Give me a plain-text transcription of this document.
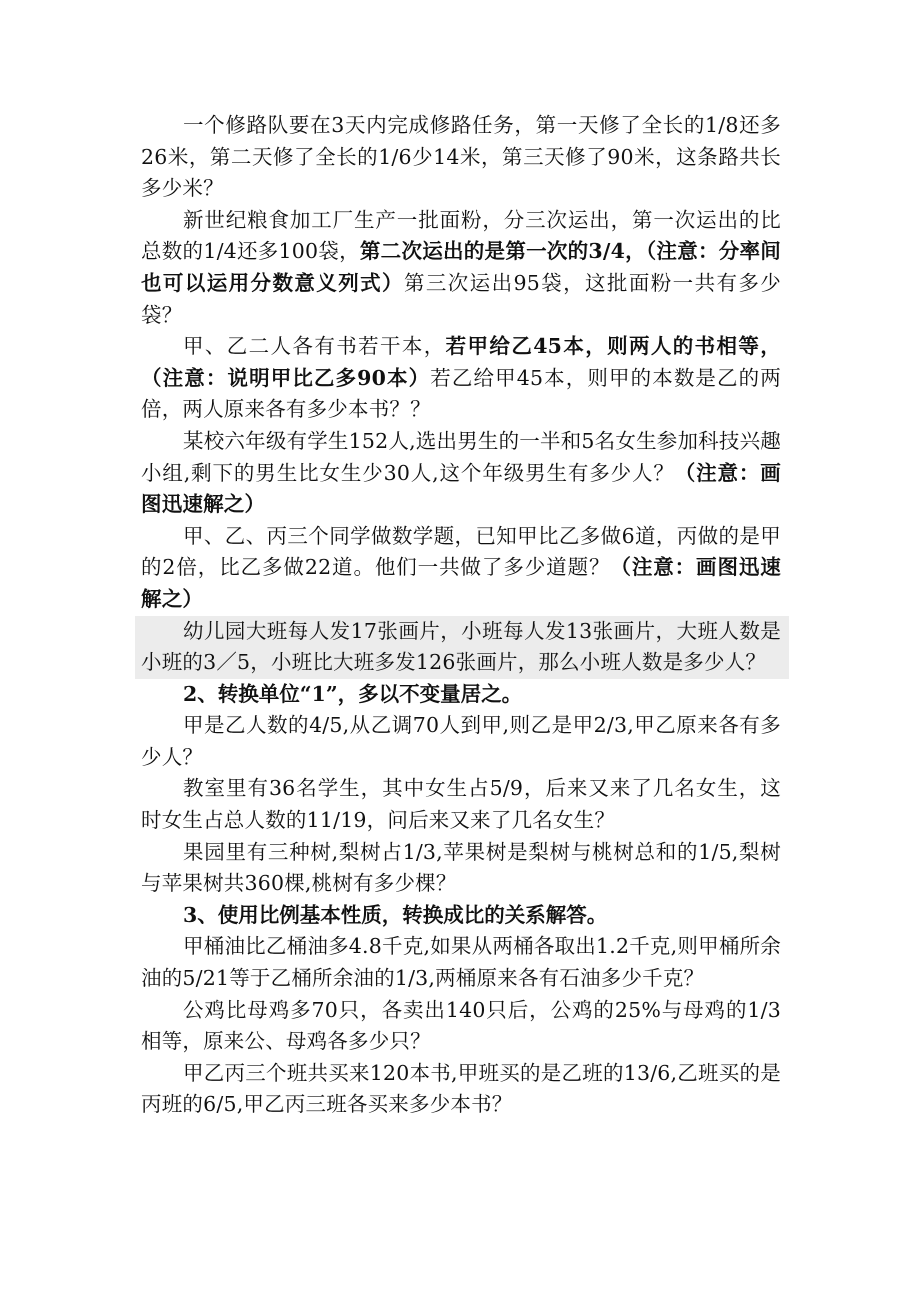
一个修路队要在3天内完成修路任务，第一天修了全长的1/8还多26米，第二天修了全长的1/6少14米，第三天修了90米，这条路共长多少米？

新世纪粮食加工厂生产一批面粉，分三次运出，第一次运出的比总数的1/4还多100袋，第二次运出的是第一次的3/4，（注意：分率间也可以运用分数意义列式）第三次运出95袋，这批面粉一共有多少袋？

甲、乙二人各有书若干本，若甲给乙45本，则两人的书相等，（注意：说明甲比乙多90本）若乙给甲45本，则甲的本数是乙的两倍，两人原来各有多少本书？？

某校六年级有学生152人,选出男生的一半和5名女生参加科技兴趣小组,剩下的男生比女生少30人,这个年级男生有多少人？（注意：画图迅速解之）

甲、乙、丙三个同学做数学题，已知甲比乙多做6道，丙做的是甲的2倍，比乙多做22道。他们一共做了多少道题？（注意：画图迅速解之）

幼儿园大班每人发17张画片，小班每人发13张画片，大班人数是小班的3／5，小班比大班多发126张画片，那么小班人数是多少人？

2、转换单位“1”，多以不变量居之。

甲是乙人数的4/5,从乙调70人到甲,则乙是甲2/3,甲乙原来各有多少人？

教室里有36名学生，其中女生占5/9，后来又来了几名女生，这时女生占总人数的11/19，问后来又来了几名女生？

果园里有三种树,梨树占1/3,苹果树是梨树与桃树总和的1/5,梨树与苹果树共360棵,桃树有多少棵？

3、使用比例基本性质，转换成比的关系解答。

甲桶油比乙桶油多4.8千克,如果从两桶各取出1.2千克,则甲桶所余油的5/21等于乙桶所余油的1/3,两桶原来各有石油多少千克？

公鸡比母鸡多70只，各卖出140只后，公鸡的25%与母鸡的1/3相等，原来公、母鸡各多少只？

甲乙丙三个班共买来120本书,甲班买的是乙班的13/6,乙班买的是丙班的6/5,甲乙丙三班各买来多少本书？
